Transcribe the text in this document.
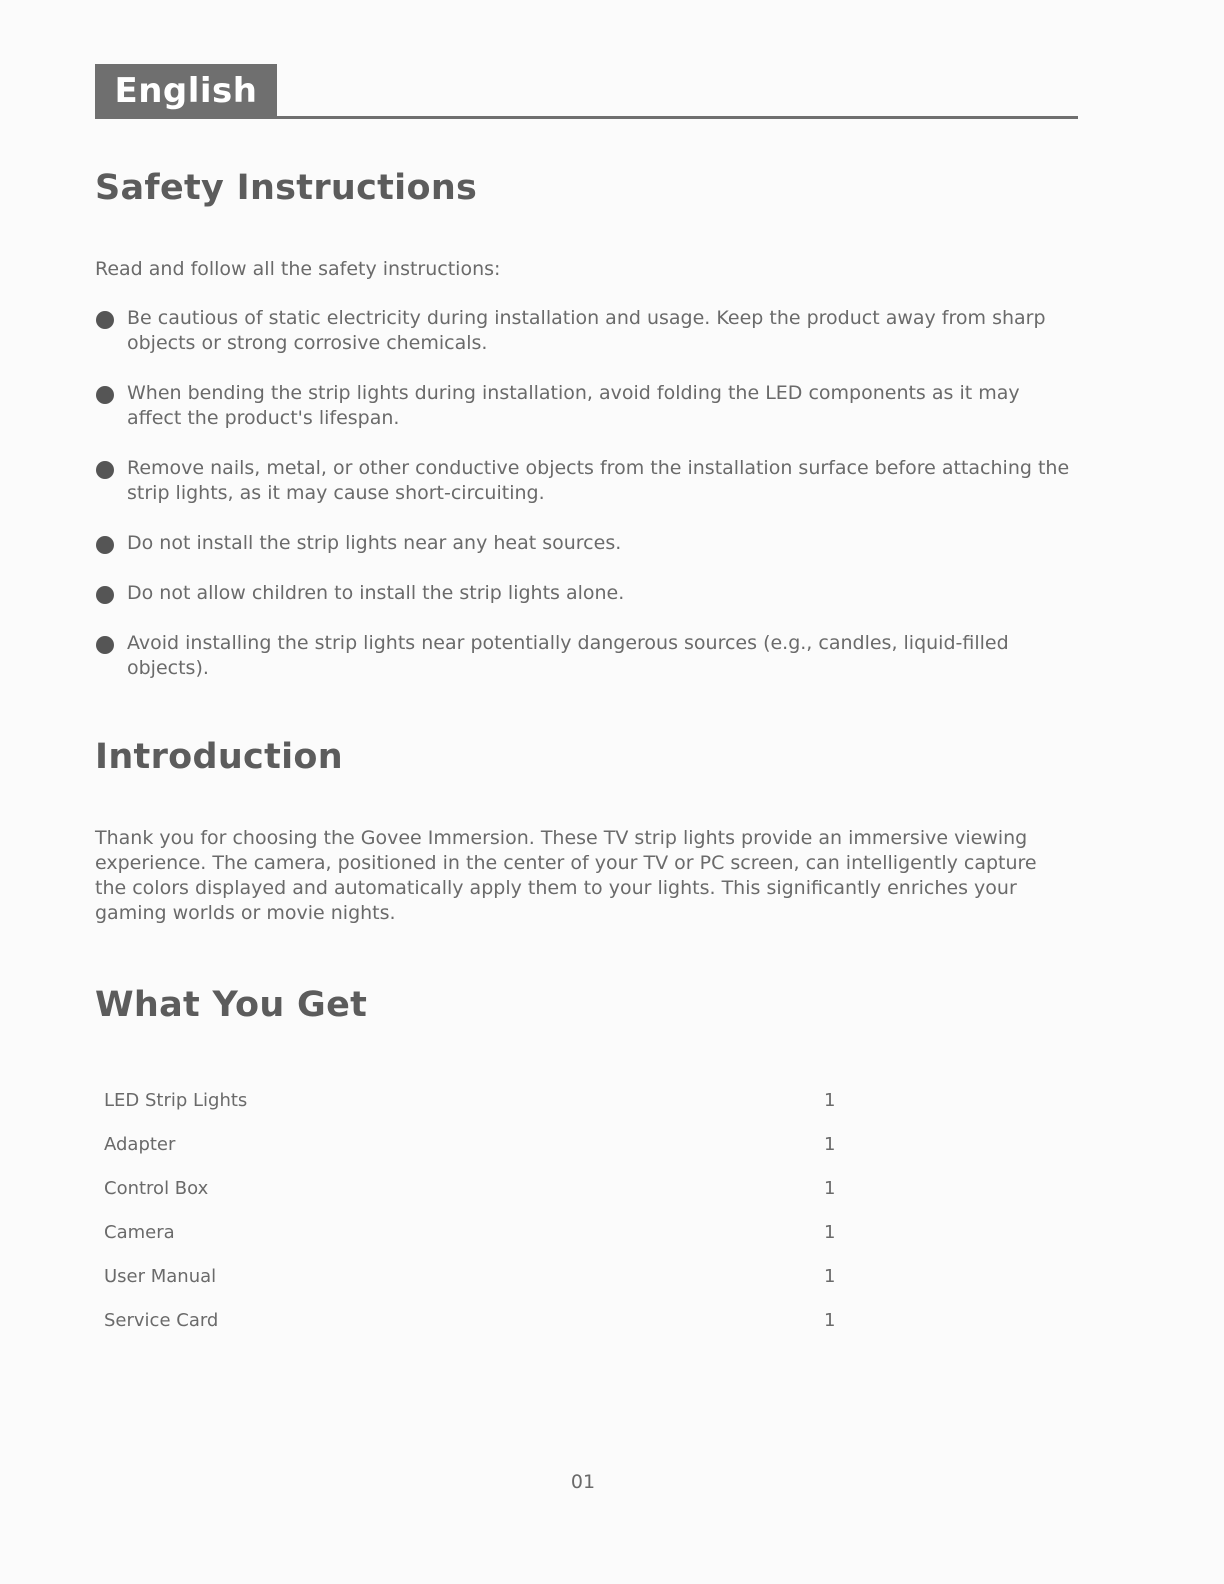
English
Safety Instructions

Read and follow all the safety instructions:

Be cautious of static electricity during installation and usage. Keep the product away from sharp objects or strong corrosive chemicals.
When bending the strip lights during installation, avoid folding the LED components as it may affect the product's lifespan.
Remove nails, metal, or other conductive objects from the installation surface before attaching the strip lights, as it may cause short-circuiting.
Do not install the strip lights near any heat sources.
Do not allow children to install the strip lights alone.
Avoid installing the strip lights near potentially dangerous sources (e.g., candles, liquid-filled objects).
Introduction

Thank you for choosing the Govee Immersion. These TV strip lights provide an immersive viewing experience. The camera, positioned in the center of your TV or PC screen, can intelligently capture the colors displayed and automatically apply them to your lights. This significantly enriches your gaming worlds or movie nights.

What You Get
LED Strip Lights	1
Adapter	1
Control Box	1
Camera	1
User Manual	1
Service Card	1
01
